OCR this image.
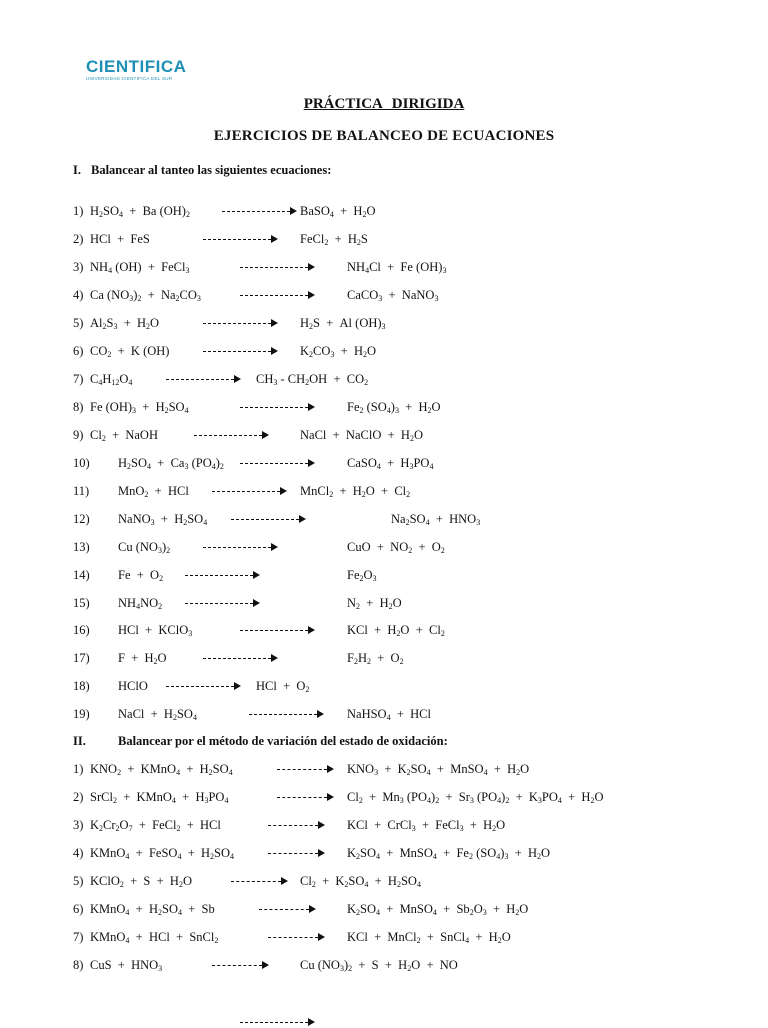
CIENTIFICA
UNIVERSIDAD CIENTÍFICA DEL SUR
PRÁCTICA DIRIGIDA
EJERCICIOS DE BALANCEO DE ECUACIONES
I. Balancear al tanteo las siguientes ecuaciones:
1) $H_2SO_4 + Ba$ $(OH)_2$	BaSO$_4$  +  $H_2O$
2) HCl  +  FeS	FeCl$_2$  +  $H_2S$
3) $NH_4$ (OH)  +  FeCl$_3$	$NH_4Cl + Fe$ $(OH)_3$
4) Ca $(NO_3)_2 + Na_2CO_3$	CaCO$_3$  +  NaNO$_3$
5) $Al_2S_3 + H_2O$	$H_2S + Al$ $(OH)_3$
6) $CO_2 + K$ (OH)	$K_2CO_3 + H_2O$
7) $C_4H_{12}O_4$	$CH_3 - CH_2OH + CO_2$
8) Fe $(OH)_3 + H_2SO_4$	$Fe_2$ $(SO_4)_3 + H_2O$
9) $Cl_2$  +  NaOH	NaCl  +  NaClO  +  $H_2O$
10) $H_2SO_4 + Ca_3$ $(PO_4)_2$	CaSO$_4$  +  $H_3PO_4$
11) MnO$_2$  +  HCl	MnCl$_2$  +  $H_2O + Cl_2$
12) NaNO$_3$  +  $H_2SO_4$	$Na_2SO_4 + HNO_3$
13) Cu $(NO_3)_2$	CuO  +  $NO_2 + O_2$
14) $Fe + O_2$	$Fe_2O_3$
15) $NH_4NO_2$	$N_2 + H_2O$
16) HCl  +  KClO$_3$	KCl  +  $H_2O + Cl_2$
17) $F + H_2O$	$F_2H_2 + O_2$
18) HClO	HCl  +  $O_2$
19) NaCl  +  $H_2SO_4$	NaHSO$_4$  +  HCl
II.	Balancear por el método de variación del estado de oxidación:
1) $KNO_2$  +  KMnO$_4$  +  $H_2SO_4$	$KNO_3 + K_2SO_4$  +  MnSO$_4$  +  $H_2O$
2) SrCl$_2$  +  KMnO$_4$  +  $H_3PO_4$	$Cl_2 + Mn_3$ $(PO_4)_2 + Sr_3$ $(PO_4)_2 + K_3PO_4 + H_2O$
3) $K_2Cr_2O_7$  +  FeCl$_2$  +  HCl	KCl  +  CrCl$_3$  +  FeCl$_3$  +  $H_2O$
4) KMnO$_4$  +  FeSO$_4$  +  $H_2SO_4$	$K_2SO_4$  +  MnSO$_4$  +  $Fe_2$ $(SO_4)_3 + H_2O$
5) KClO$_2$  +  $S + H_2O$	$Cl_2 + K_2SO_4 + H_2SO_4$
6) KMnO$_4$  +  $H_2SO_4 + Sb$	$K_2SO_4$  +  MnSO$_4$  +  $Sb_2O_3 + H_2O$
7) KMnO$_4$  +  HCl  +  SnCl$_2$	KCl  +  MnCl$_2$  +  SnCl$_4$  +  $H_2O$
8) CuS  +  $HNO_3$	Cu $(NO_3)_2 + S + H_2O$  +  NO
